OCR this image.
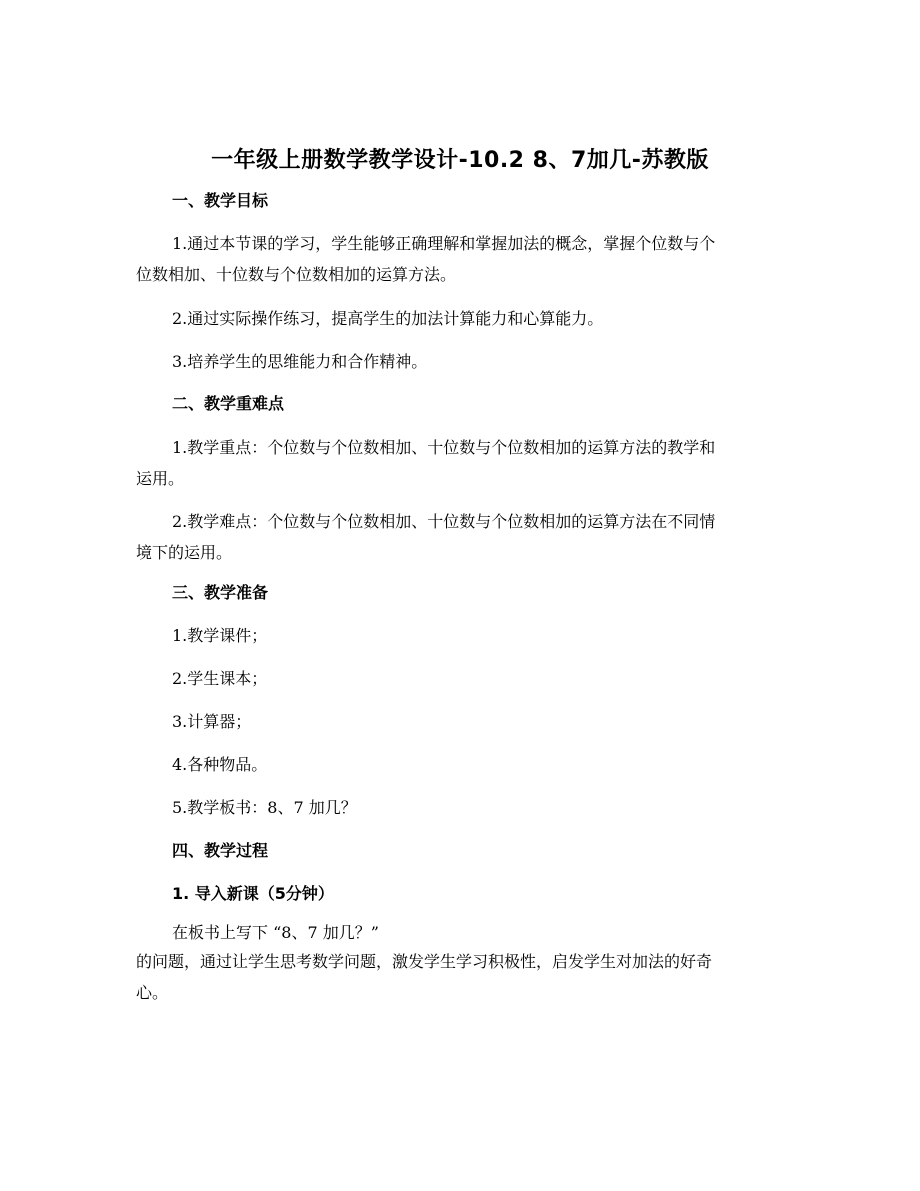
一年级上册数学教学设计-10.2 8、7加几-苏教版
一、教学目标
1.通过本节课的学习，学生能够正确理解和掌握加法的概念，掌握个位数与个
位数相加、十位数与个位数相加的运算方法。
2.通过实际操作练习，提高学生的加法计算能力和心算能力。
3.培养学生的思维能力和合作精神。
二、教学重难点
1.教学重点：个位数与个位数相加、十位数与个位数相加的运算方法的教学和
运用。
2.教学难点：个位数与个位数相加、十位数与个位数相加的运算方法在不同情
境下的运用。
三、教学准备
1.教学课件；
2.学生课本；
3.计算器；
4.各种物品。
5.教学板书：8、7 加几？
四、教学过程
1. 导入新课（5分钟）
在板书上写下 “8、7 加几？”
的问题，通过让学生思考数学问题，激发学生学习积极性，启发学生对加法的好奇
心。
